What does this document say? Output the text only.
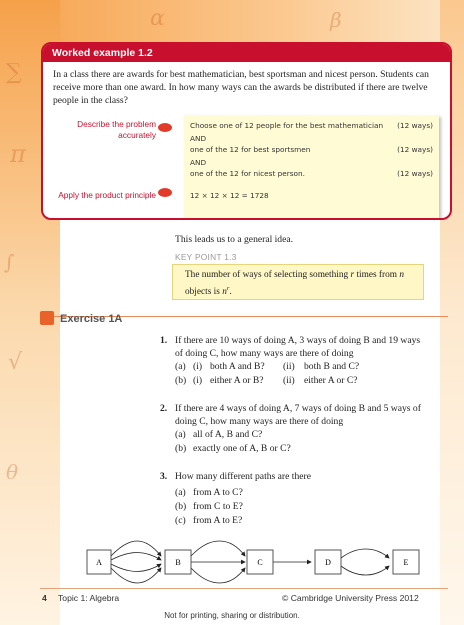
∑
π
∫
√
θ
α	β
Worked example 1.2
In a class there are awards for best mathematician, best sportsman and nicest person. Students can receive more than one award. In how many ways can the awards be distributed if there are twelve people in the class?
Describe the problem accurately
Apply the product principle
Choose one of 12 people for the best mathematician (12 ways)
AND
one of the 12 for best sportsmen	(12 ways)
AND
one of the 12 for nicest person.	(12 ways)
12 × 12 × 12 = 1728
This leads us to a general idea.
KEY POINT 1.3
The number of ways of selecting something r times from n
objects is $n^r$.
Exercise 1A
1. If there are 10 ways of doing A, 3 ways of doing B and 19 ways of doing C, how many ways are there of doing
(a) (i) both A and B? (ii) both B and C?
(b) (i) either A or B? (ii) either A or C?
2. If there are 4 ways of doing A, 7 ways of doing B and 5 ways of doing C, how many ways are there of doing
(a) all of A, B and C?
(b) exactly one of A, B or C?
3. How many different paths are there
(a) from A to C?
(b) from C to E?
(c) from A to E?
A	B	C	D	E
4 Topic 1: Algebra	© Cambridge University Press 2012
Not for printing, sharing or distribution.
